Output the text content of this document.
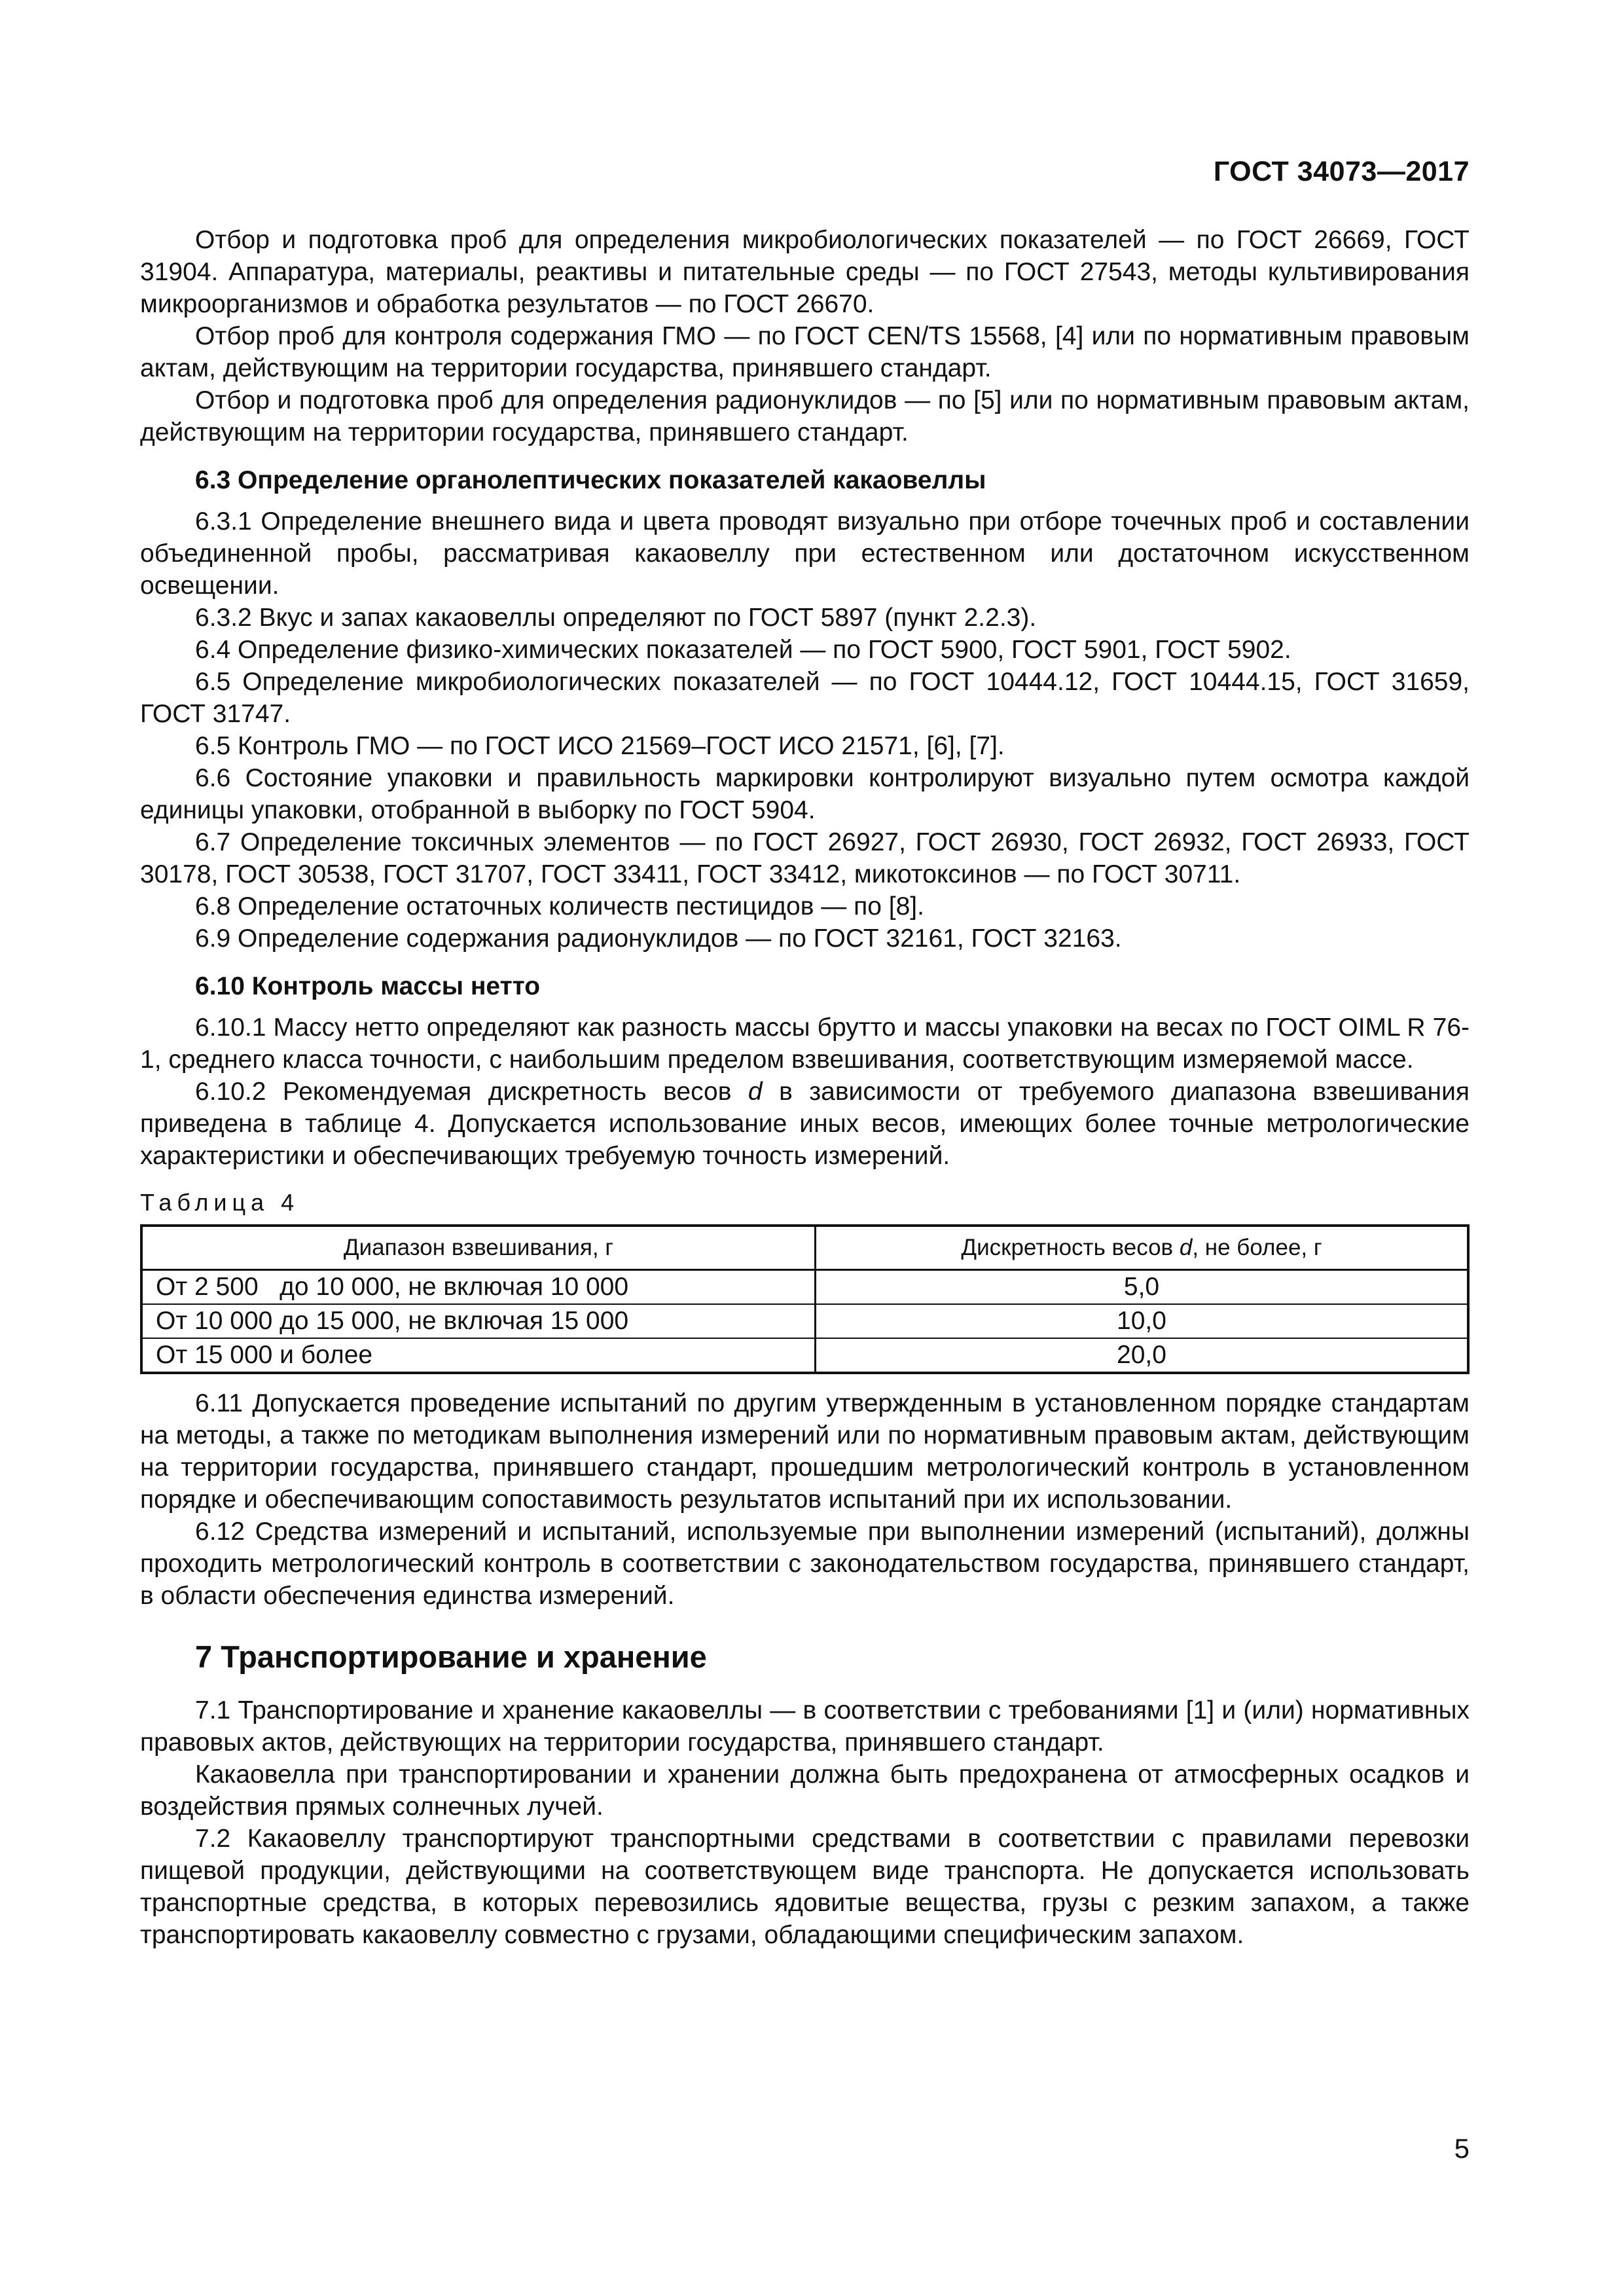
ГОСТ 34073—2017

Отбор и подготовка проб для определения микробиологических показателей — по ГОСТ 26669, ГОСТ 31904. Аппаратура, материалы, реактивы и питательные среды — по ГОСТ 27543, методы культивирования микроорганизмов и обработка результатов — по ГОСТ 26670.

Отбор проб для контроля содержания ГМО — по ГОСТ CEN/TS 15568, [4] или по нормативным правовым актам, действующим на территории государства, принявшего стандарт.

Отбор и подготовка проб для определения радионуклидов — по [5] или по нормативным правовым актам, действующим на территории государства, принявшего стандарт.

6.3 Определение органолептических показателей какаовеллы

6.3.1 Определение внешнего вида и цвета проводят визуально при отборе точечных проб и составлении объединенной пробы, рассматривая какаовеллу при естественном или достаточном искусственном освещении.

6.3.2 Вкус и запах какаовеллы определяют по ГОСТ 5897 (пункт 2.2.3).

6.4 Определение физико-химических показателей — по ГОСТ 5900, ГОСТ 5901, ГОСТ 5902.

6.5 Определение микробиологических показателей — по ГОСТ 10444.12, ГОСТ 10444.15, ГОСТ 31659, ГОСТ 31747.

6.5 Контроль ГМО — по ГОСТ ИСО 21569–ГОСТ ИСО 21571, [6], [7].

6.6 Состояние упаковки и правильность маркировки контролируют визуально путем осмотра каждой единицы упаковки, отобранной в выборку по ГОСТ 5904.

6.7 Определение токсичных элементов — по ГОСТ 26927, ГОСТ 26930, ГОСТ 26932, ГОСТ 26933, ГОСТ 30178, ГОСТ 30538, ГОСТ 31707, ГОСТ 33411, ГОСТ 33412, микотоксинов — по ГОСТ 30711.

6.8 Определение остаточных количеств пестицидов — по [8].

6.9 Определение содержания радионуклидов — по ГОСТ 32161, ГОСТ 32163.

6.10 Контроль массы нетто

6.10.1 Массу нетто определяют как разность массы брутто и массы упаковки на весах по ГОСТ OIML R 76-1, среднего класса точности, с наибольшим пределом взвешивания, соответствующим измеряемой массе.

6.10.2 Рекомендуемая дискретность весов d в зависимости от требуемого диапазона взвешивания приведена в таблице 4. Допускается использование иных весов, имеющих более точные метрологические характеристики и обеспечивающих требуемую точность измерений.

Таблица 4
Диапазон взвешивания, г	Дискретность весов d, не более, г
От 2 500   до 10 000, не включая 10 000	5,0
От 10 000 до 15 000, не включая 15 000	10,0
От 15 000 и более	20,0

6.11 Допускается проведение испытаний по другим утвержденным в установленном порядке стандартам на методы, а также по методикам выполнения измерений или по нормативным правовым актам, действующим на территории государства, принявшего стандарт, прошедшим метрологический контроль в установленном порядке и обеспечивающим сопоставимость результатов испытаний при их использовании.

6.12 Средства измерений и испытаний, используемые при выполнении измерений (испытаний), должны проходить метрологический контроль в соответствии с законодательством государства, принявшего стандарт, в области обеспечения единства измерений.

7 Транспортирование и хранение

7.1 Транспортирование и хранение какаовеллы — в соответствии с требованиями [1] и (или) нормативных правовых актов, действующих на территории государства, принявшего стандарт.

Какаовелла при транспортировании и хранении должна быть предохранена от атмосферных осадков и воздействия прямых солнечных лучей.

7.2 Какаовеллу транспортируют транспортными средствами в соответствии с правилами перевозки пищевой продукции, действующими на соответствующем виде транспорта. Не допускается использовать транспортные средства, в которых перевозились ядовитые вещества, грузы с резким запахом, а также транспортировать какаовеллу совместно с грузами, обладающими специфическим запахом.

5
